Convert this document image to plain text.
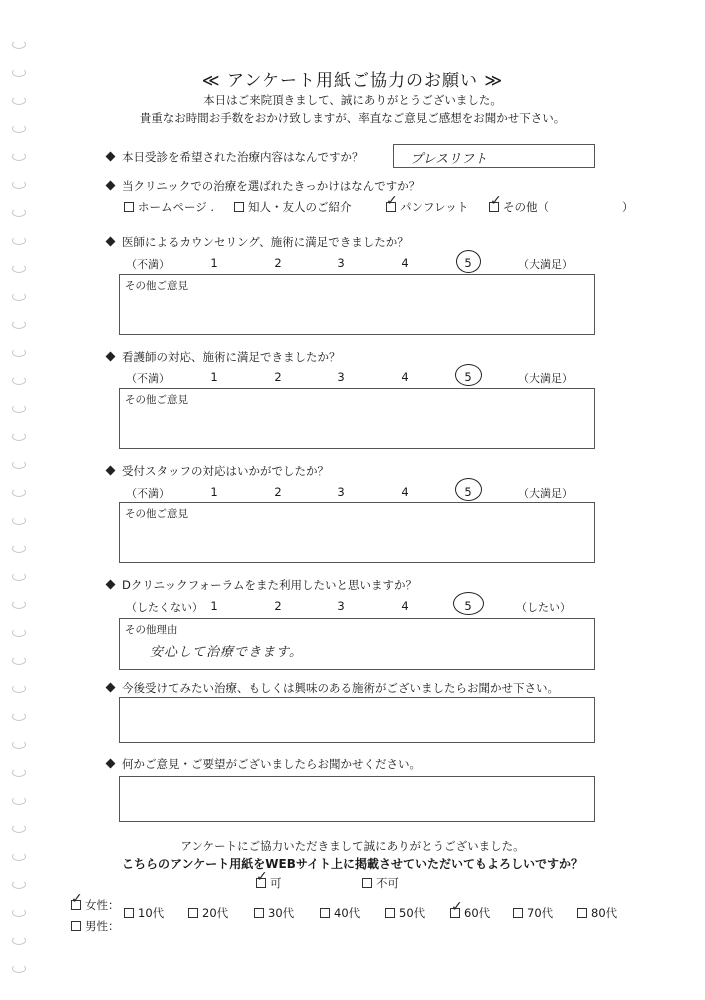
≪ アンケート用紙ご協力のお願い ≫
本日はご来院頂きまして、誠にありがとうございました。
貴重なお時間お手数をおかけ致しますが、率直なご意見ご感想をお聞かせ下さい。
本日受診を希望された治療内容はなんですか？	プレスリフト
当クリニックでの治療を選ばれたきっかけはなんですか？
ホームページ .	知人・友人のご紹介	パンフレット
✓	その他（
✓	）
医師によるカウンセリング、施術に満足できましたか？
（不満）	1	2	3	4	5	（大満足）
その他ご意見
看護師の対応、施術に満足できましたか？
（不満）	1	2	3	4	5	（大満足）
その他ご意見
受付スタッフの対応はいかがでしたか？
（不満）	1	2	3	4	5	（大満足）
その他ご意見
Dクリニックフォーラムをまた利用したいと思いますか？
（したくない） 1	2	3	4	5	（したい）
その他理由
安心して治療できます。
今後受けてみたい治療、もしくは興味のある施術がございましたらお聞かせ下さい。
何かご意見・ご要望がございましたらお聞かせください。
アンケートにご協力いただきまして誠にありがとうございました。
こちらのアンケート用紙をWEBサイト上に掲載させていただいてもよろしいですか？
可
✓	不可
女性：
✓
男性：
10代	20代	30代	40代	50代	60代
✓	70代	80代
